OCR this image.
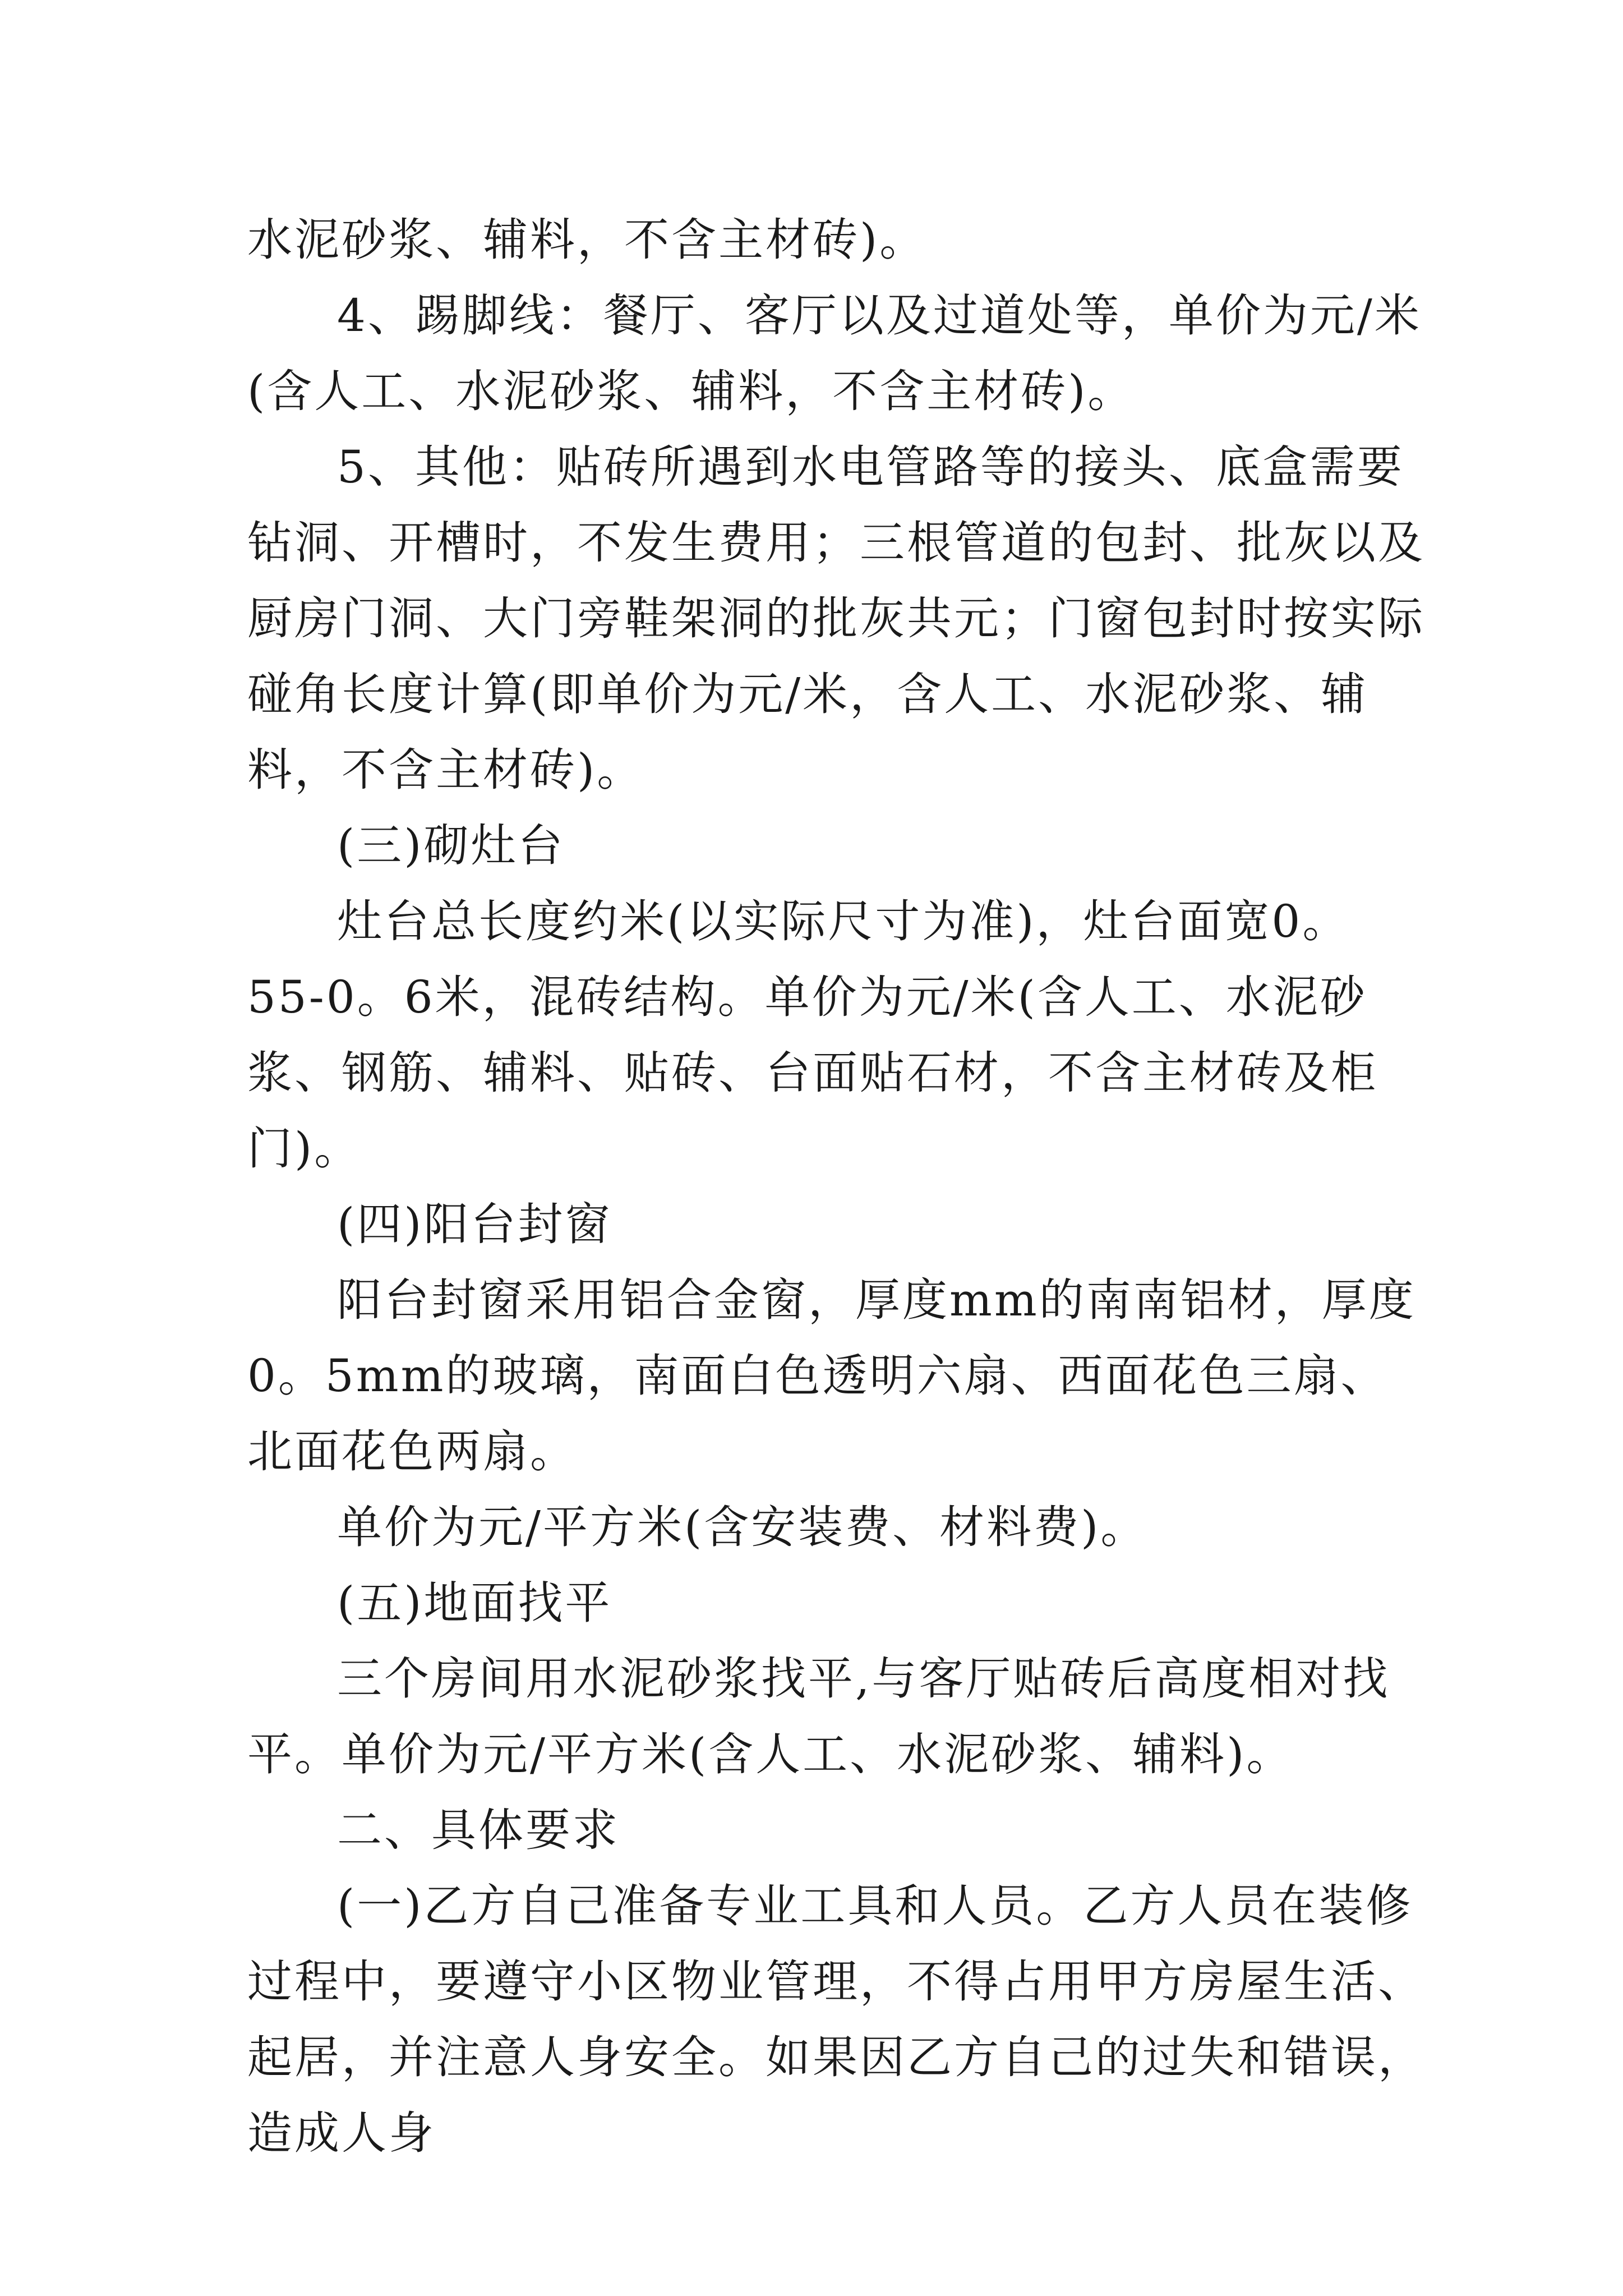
水泥砂浆、辅料，不含主材砖)。

4、踢脚线：餐厅、客厅以及过道处等，单价为元/米(含人工、水泥砂浆、辅料，不含主材砖)。

5、其他：贴砖所遇到水电管路等的接头、底盒需要钻洞、开槽时，不发生费用；三根管道的包封、批灰以及厨房门洞、大门旁鞋架洞的批灰共元；门窗包封时按实际碰角长度计算(即单价为元/米，含人工、水泥砂浆、辅料，不含主材砖)。

(三)砌灶台

灶台总长度约米(以实际尺寸为准)，灶台面宽0。55-0。6米，混砖结构。单价为元/米(含人工、水泥砂浆、钢筋、辅料、贴砖、台面贴石材，不含主材砖及柜门)。

(四)阳台封窗

阳台封窗采用铝合金窗，厚度mm的南南铝材，厚度0。5mm的玻璃，南面白色透明六扇、西面花色三扇、北面花色两扇。

单价为元/平方米(含安装费、材料费)。

(五)地面找平

三个房间用水泥砂浆找平,与客厅贴砖后高度相对找平。单价为元/平方米(含人工、水泥砂浆、辅料)。

二、具体要求

(一)乙方自己准备专业工具和人员。乙方人员在装修过程中，要遵守小区物业管理，不得占用甲方房屋生活、起居，并注意人身安全。如果因乙方自己的过失和错误，造成人身
